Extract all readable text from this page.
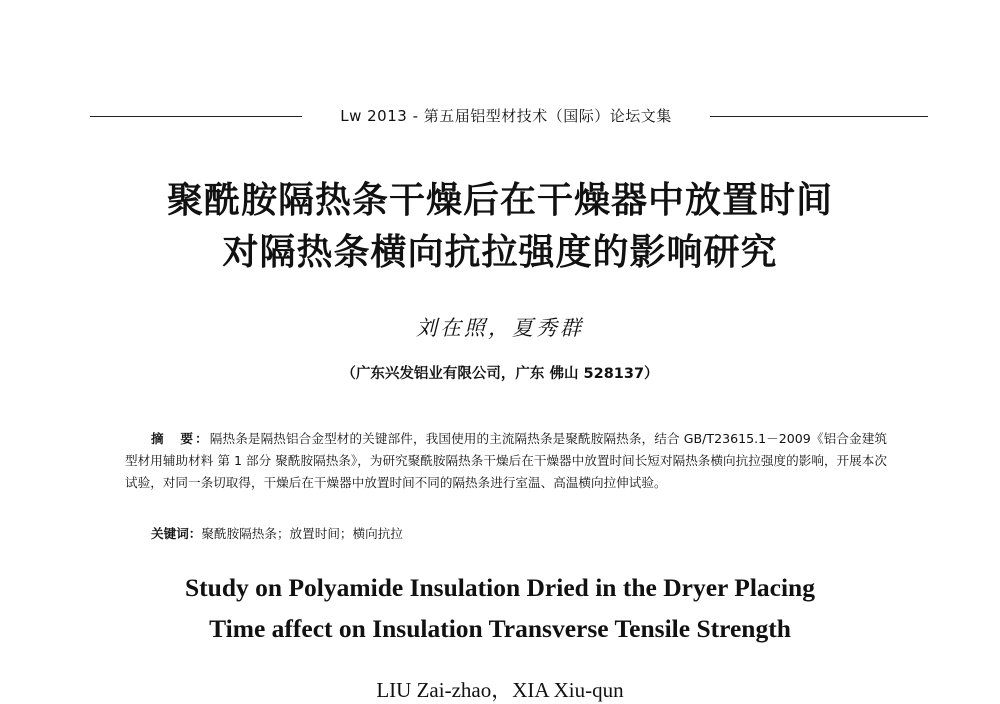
Lw 2013 - 第五届铝型材技术（国际）论坛文集
聚酰胺隔热条干燥后在干燥器中放置时间
对隔热条横向抗拉强度的影响研究
刘在照，夏秀群
（广东兴发铝业有限公司，广东 佛山 528137）
摘　要：隔热条是隔热铝合金型材的关键部件，我国使用的主流隔热条是聚酰胺隔热条，结合 GB/T23615.1－2009《铝合金建筑型材用辅助材料 第 1 部分 聚酰胺隔热条》，为研究聚酰胺隔热条干燥后在干燥器中放置时间长短对隔热条横向抗拉强度的影响，开展本次试验，对同一条切取得，干燥后在干燥器中放置时间不同的隔热条进行室温、高温横向拉伸试验。
关键词：聚酰胺隔热条；放置时间；横向抗拉
Study on Polyamide Insulation Dried in the Dryer Placing
Time affect on Insulation Transverse Tensile Strength
LIU Zai-zhao，XIA Xiu-qun
